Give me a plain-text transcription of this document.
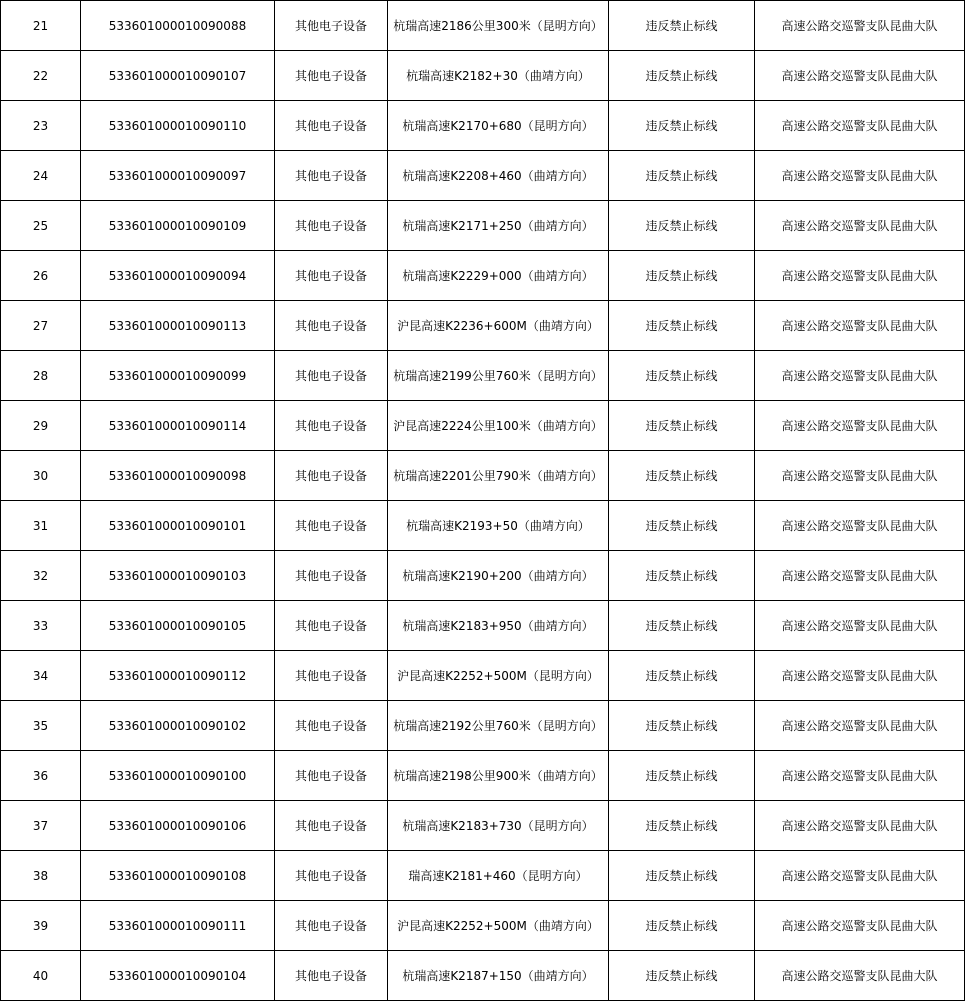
21	533601000010090088	其他电子设备	杭瑞高速2186公里300米（昆明方向）	违反禁止标线	高速公路交巡警支队昆曲大队
22	533601000010090107	其他电子设备	杭瑞高速K2182+30（曲靖方向）	违反禁止标线	高速公路交巡警支队昆曲大队
23	533601000010090110	其他电子设备	杭瑞高速K2170+680（昆明方向）	违反禁止标线	高速公路交巡警支队昆曲大队
24	533601000010090097	其他电子设备	杭瑞高速K2208+460（曲靖方向）	违反禁止标线	高速公路交巡警支队昆曲大队
25	533601000010090109	其他电子设备	杭瑞高速K2171+250（曲靖方向）	违反禁止标线	高速公路交巡警支队昆曲大队
26	533601000010090094	其他电子设备	杭瑞高速K2229+000（曲靖方向）	违反禁止标线	高速公路交巡警支队昆曲大队
27	533601000010090113	其他电子设备	沪昆高速K2236+600M（曲靖方向）	违反禁止标线	高速公路交巡警支队昆曲大队
28	533601000010090099	其他电子设备	杭瑞高速2199公里760米（昆明方向）	违反禁止标线	高速公路交巡警支队昆曲大队
29	533601000010090114	其他电子设备	沪昆高速2224公里100米（曲靖方向）	违反禁止标线	高速公路交巡警支队昆曲大队
30	533601000010090098	其他电子设备	杭瑞高速2201公里790米（曲靖方向）	违反禁止标线	高速公路交巡警支队昆曲大队
31	533601000010090101	其他电子设备	杭瑞高速K2193+50（曲靖方向）	违反禁止标线	高速公路交巡警支队昆曲大队
32	533601000010090103	其他电子设备	杭瑞高速K2190+200（曲靖方向）	违反禁止标线	高速公路交巡警支队昆曲大队
33	533601000010090105	其他电子设备	杭瑞高速K2183+950（曲靖方向）	违反禁止标线	高速公路交巡警支队昆曲大队
34	533601000010090112	其他电子设备	沪昆高速K2252+500M（昆明方向）	违反禁止标线	高速公路交巡警支队昆曲大队
35	533601000010090102	其他电子设备	杭瑞高速2192公里760米（昆明方向）	违反禁止标线	高速公路交巡警支队昆曲大队
36	533601000010090100	其他电子设备	杭瑞高速2198公里900米（曲靖方向）	违反禁止标线	高速公路交巡警支队昆曲大队
37	533601000010090106	其他电子设备	杭瑞高速K2183+730（昆明方向）	违反禁止标线	高速公路交巡警支队昆曲大队
38	533601000010090108	其他电子设备	瑞高速K2181+460（昆明方向）	违反禁止标线	高速公路交巡警支队昆曲大队
39	533601000010090111	其他电子设备	沪昆高速K2252+500M（曲靖方向）	违反禁止标线	高速公路交巡警支队昆曲大队
40	533601000010090104	其他电子设备	杭瑞高速K2187+150（曲靖方向）	违反禁止标线	高速公路交巡警支队昆曲大队
